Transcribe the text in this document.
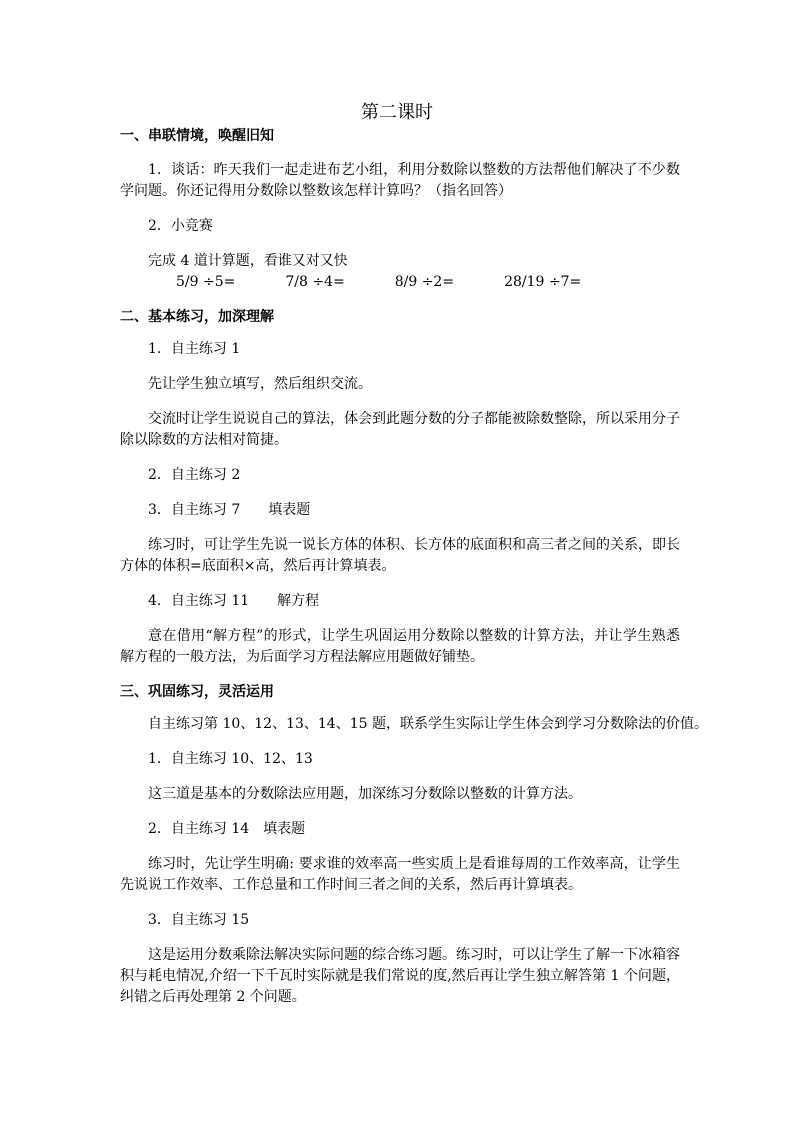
第二课时

一、串联情境，唤醒旧知

1．谈话：昨天我们一起走进布艺小组，利用分数除以整数的方法帮他们解决了不少数学问题。你还记得用分数除以整数该怎样计算吗？（指名回答）

2．小竞赛

完成 4 道计算题，看谁又对又快

5/9 ÷5=	7/8 ÷4=	8/9 ÷2=	28/19 ÷7=

二、基本练习，加深理解

1．自主练习 1

先让学生独立填写，然后组织交流。

交流时让学生说说自己的算法，体会到此题分数的分子都能被除数整除，所以采用分子除以除数的方法相对简捷。

2．自主练习 2

3．自主练习 7　　填表题

练习时，可让学生先说一说长方体的体积、长方体的底面积和高三者之间的关系，即长方体的体积=底面积×高，然后再计算填表。

4．自主练习 11　　解方程

意在借用“解方程”的形式，让学生巩固运用分数除以整数的计算方法，并让学生熟悉解方程的一般方法，为后面学习方程法解应用题做好铺垫。

三、巩固练习，灵活运用

自主练习第 10、12、13、14、15 题，联系学生实际让学生体会到学习分数除法的价值。

1．自主练习 10、12、13

这三道是基本的分数除法应用题，加深练习分数除以整数的计算方法。

2．自主练习 14　填表题

练习时，先让学生明确: 要求谁的效率高一些实质上是看谁每周的工作效率高，让学生先说说工作效率、工作总量和工作时间三者之间的关系，然后再计算填表。

3．自主练习 15

这是运用分数乘除法解决实际问题的综合练习题。练习时，可以让学生了解一下冰箱容积与耗电情况,介绍一下千瓦时实际就是我们常说的度,然后再让学生独立解答第 1 个问题，纠错之后再处理第 2 个问题。
